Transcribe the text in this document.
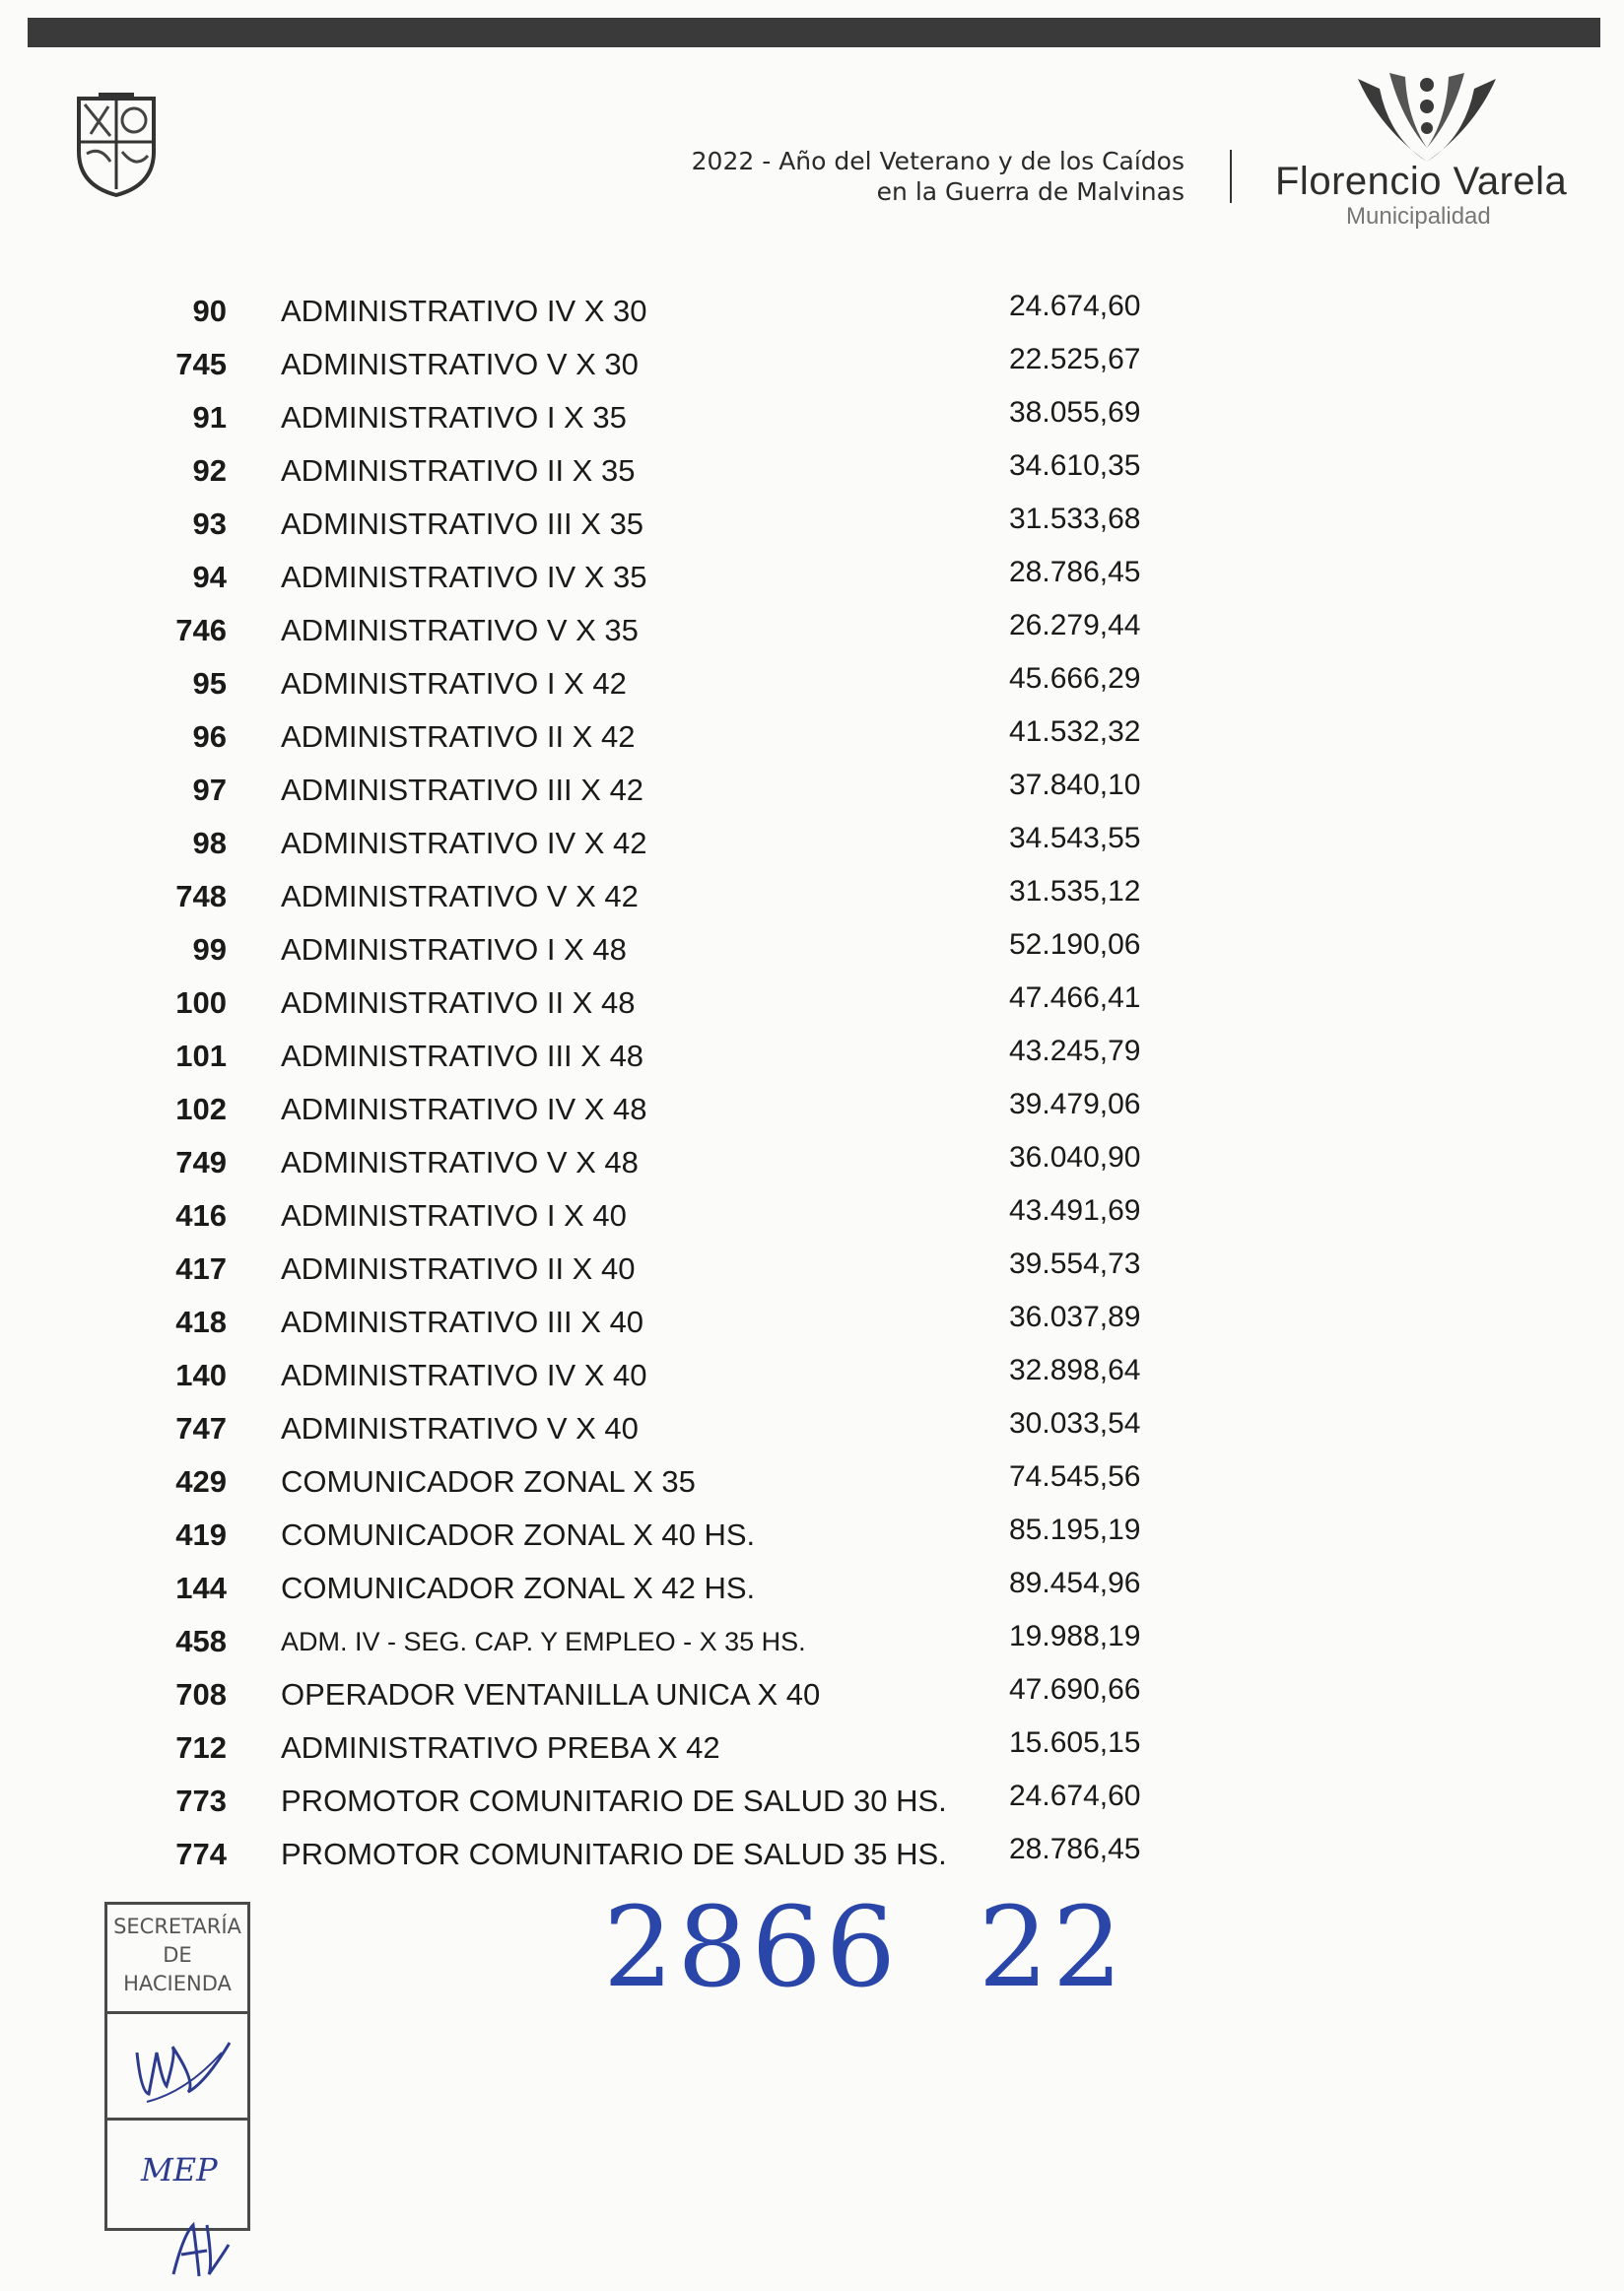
2022 - Año del Veterano y de los Caídos
en la Guerra de Malvinas Florencio Varela
Municipalidad
90 ADMINISTRATIVO IV X 30	24.674,60
745 ADMINISTRATIVO V X 30	22.525,67
91 ADMINISTRATIVO I X 35	38.055,69
92 ADMINISTRATIVO II X 35	34.610,35
93 ADMINISTRATIVO III X 35	31.533,68
94 ADMINISTRATIVO IV X 35	28.786,45
746 ADMINISTRATIVO V X 35	26.279,44
95 ADMINISTRATIVO I X 42	45.666,29
96 ADMINISTRATIVO II X 42	41.532,32
97 ADMINISTRATIVO III X 42	37.840,10
98 ADMINISTRATIVO IV X 42	34.543,55
748 ADMINISTRATIVO V X 42	31.535,12
99 ADMINISTRATIVO I X 48	52.190,06
100 ADMINISTRATIVO II X 48	47.466,41
101 ADMINISTRATIVO III X 48	43.245,79
102 ADMINISTRATIVO IV X 48	39.479,06
749 ADMINISTRATIVO V X 48	36.040,90
416 ADMINISTRATIVO I X 40	43.491,69
417 ADMINISTRATIVO II X 40	39.554,73
418 ADMINISTRATIVO III X 40	36.037,89
140 ADMINISTRATIVO IV X 40	32.898,64
747 ADMINISTRATIVO V X 40	30.033,54
429 COMUNICADOR ZONAL X 35	74.545,56
419 COMUNICADOR ZONAL X 40 HS.	85.195,19
144 COMUNICADOR ZONAL X 42 HS.	89.454,96
458 ADM. IV - SEG. CAP. Y EMPLEO - X 35 HS.	19.988,19
708 OPERADOR VENTANILLA UNICA X 40	47.690,66
712 ADMINISTRATIVO PREBA X 42	15.605,15
773 PROMOTOR COMUNITARIO DE SALUD 30 HS. 24.674,60
774 PROMOTOR COMUNITARIO DE SALUD 35 HS. 28.786,45
SECRETARÍA
DE
HACIENDA
MEP
2866 22
